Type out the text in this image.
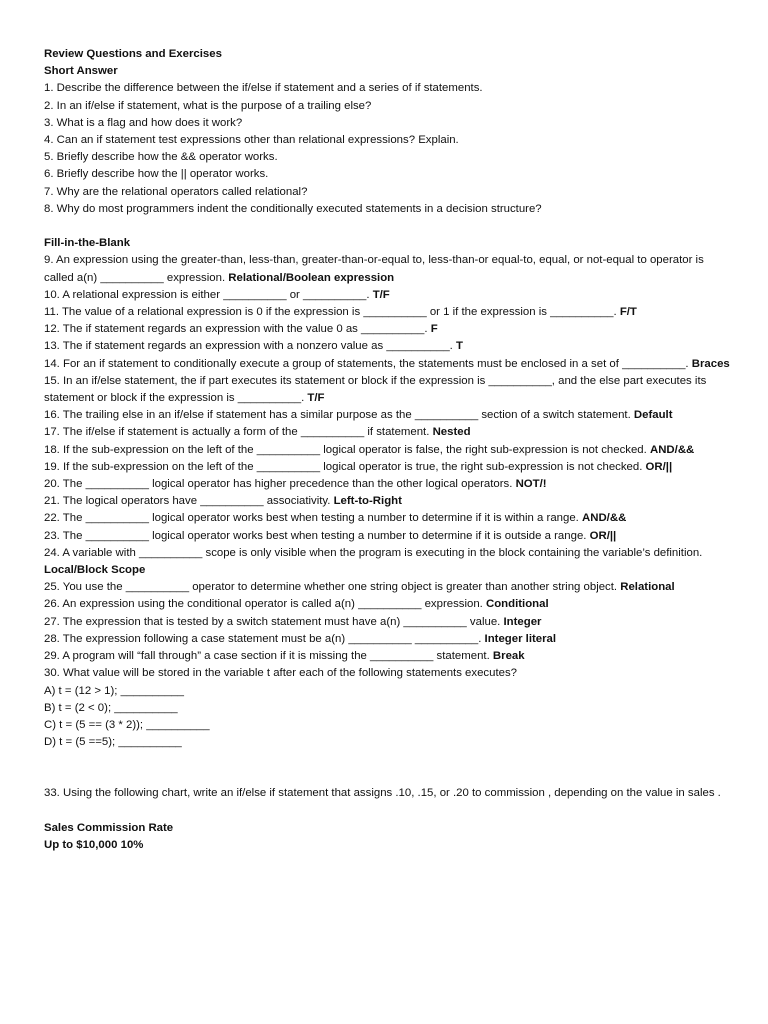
Review Questions and Exercises
Short Answer
1. Describe the difference between the if/else if statement and a series of if statements.
2. In an if/else if statement, what is the purpose of a trailing else?
3. What is a flag and how does it work?
4. Can an if statement test expressions other than relational expressions? Explain.
5. Briefly describe how the && operator works.
6. Briefly describe how the || operator works.
7. Why are the relational operators called relational?
8. Why do most programmers indent the conditionally executed statements in a decision structure?
Fill-in-the-Blank
9. An expression using the greater-than, less-than, greater-than-or-equal to, less-than-or equal-to, equal, or not-equal to operator is called a(n) __________ expression. Relational/Boolean expression
10. A relational expression is either __________ or __________. T/F
11. The value of a relational expression is 0 if the expression is __________ or 1 if the expression is __________. F/T
12. The if statement regards an expression with the value 0 as __________. F
13. The if statement regards an expression with a nonzero value as __________. T
14. For an if statement to conditionally execute a group of statements, the statements must be enclosed in a set of __________. Braces
15. In an if/else statement, the if part executes its statement or block if the expression is __________, and the else part executes its statement or block if the expression is __________. T/F
16. The trailing else in an if/else if statement has a similar purpose as the __________ section of a switch statement. Default
17. The if/else if statement is actually a form of the __________ if statement. Nested
18. If the sub-expression on the left of the __________ logical operator is false, the right sub-expression is not checked. AND/&&
19. If the sub-expression on the left of the __________ logical operator is true, the right sub-expression is not checked. OR/||
20. The __________ logical operator has higher precedence than the other logical operators. NOT/!
21. The logical operators have __________ associativity. Left-to-Right
22. The __________ logical operator works best when testing a number to determine if it is within a range. AND/&&
23. The __________ logical operator works best when testing a number to determine if it is outside a range. OR/||
24. A variable with __________ scope is only visible when the program is executing in the block containing the variable’s definition. Local/Block Scope
25. You use the __________ operator to determine whether one string object is greater than another string object. Relational
26. An expression using the conditional operator is called a(n) __________ expression. Conditional
27. The expression that is tested by a switch statement must have a(n) __________ value. Integer
28. The expression following a case statement must be a(n) __________ __________. Integer literal
29. A program will “fall through” a case section if it is missing the __________ statement. Break
30. What value will be stored in the variable t after each of the following statements executes?
A) t = (12 > 1); __________
B) t = (2 < 0); __________
C) t = (5 == (3 * 2)); __________
D) t = (5 ==5); __________
33. Using the following chart, write an if/else if statement that assigns .10, .15, or .20 to commission , depending on the value in sales .
Sales Commission Rate
Up to $10,000 10%
